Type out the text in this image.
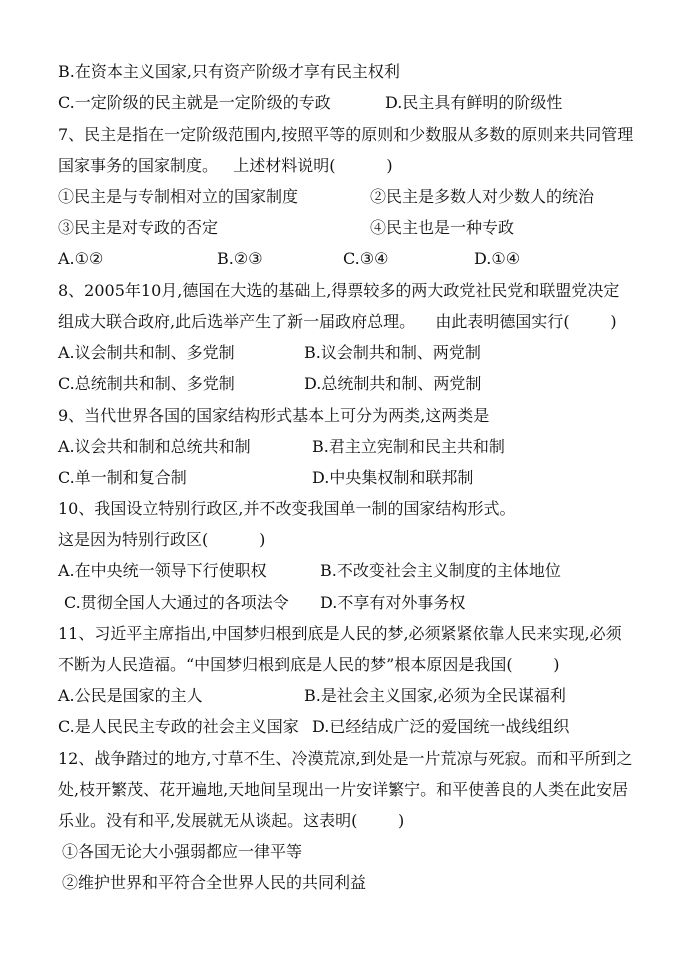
B.在资本主义国家,只有资产阶级才享有民主权利
C.一定阶级的民主就是一定阶级的专政	D.民主具有鲜明的阶级性
7、民主是指在一定阶级范围内,按照平等的原则和少数服从多数的原则来共同管理
国家事务的国家制度。   上述材料说明(          )
①民主是与专制相对立的国家制度	②民主是多数人对少数人的统治
③民主是对专政的否定	④民主也是一种专政
A.①②	B.②③	C.③④	D.①④
8、2005年10月,德国在大选的基础上,得票较多的两大政党社民党和联盟党决定
组成大联合政府,此后选举产生了新一届政府总理。    由此表明德国实行(        )
A.议会制共和制、多党制	B.议会制共和制、两党制
C.总统制共和制、多党制	D.总统制共和制、两党制
9、当代世界各国的国家结构形式基本上可分为两类,这两类是
A.议会共和制和总统共和制	B.君主立宪制和民主共和制
C.单一制和复合制	D.中央集权制和联邦制
10、我国设立特别行政区,并不改变我国单一制的国家结构形式。
这是因为特别行政区(          )
A.在中央统一领导下行使职权	B.不改变社会主义制度的主体地位
C.贯彻全国人大通过的各项法令 D.不享有对外事务权
11、习近平主席指出,中国梦归根到底是人民的梦,必须紧紧依靠人民来实现,必须
不断为人民造福。“中国梦归根到底是人民的梦”根本原因是我国(        )
A.公民是国家的主人	B.是社会主义国家,必须为全民谋福利
C.是人民民主专政的社会主义国家 D.已经结成广泛的爱国统一战线组织
12、战争踏过的地方,寸草不生、冷漠荒凉,到处是一片荒凉与死寂。而和平所到之
处,枝开繁茂、花开遍地,天地间呈现出一片安详繁宁。和平使善良的人类在此安居
乐业。没有和平,发展就无从谈起。这表明(        )
①各国无论大小强弱都应一律平等
②维护世界和平符合全世界人民的共同利益
